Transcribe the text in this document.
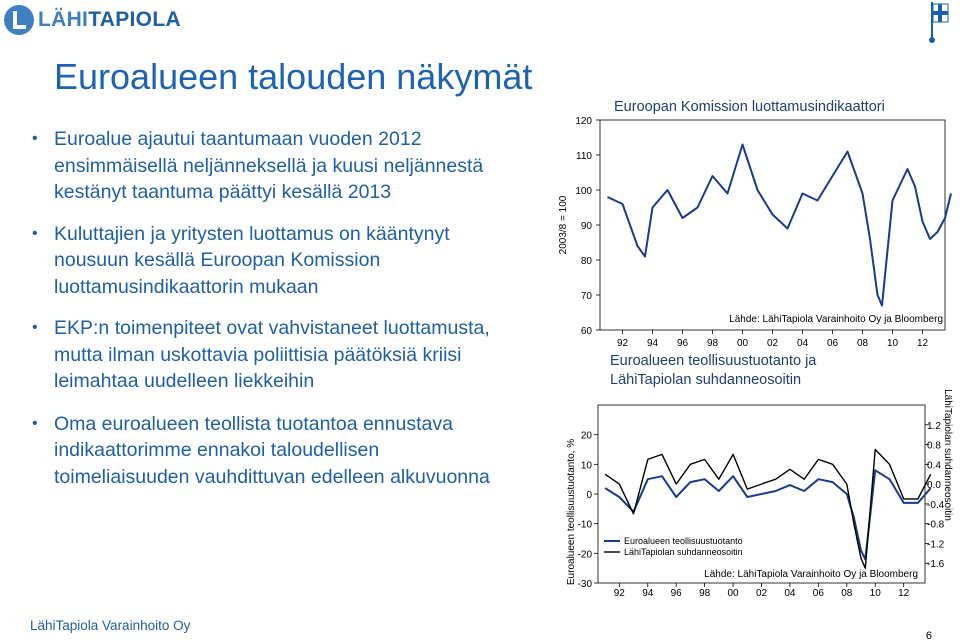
LÄHITAPIOLA
Euroalueen talouden näkymät
• Euroalue ajautui taantumaan vuoden 2012 ensimmäisellä neljänneksellä ja kuusi neljännestä kestänyt taantuma päättyi kesällä 2013
• Kuluttajien ja yritysten luottamus on kääntynyt nousuun kesällä Euroopan Komission luottamusindikaattorin mukaan
• EKP:n toimenpiteet ovat vahvistaneet luottamusta, mutta ilman uskottavia poliittisia päätöksiä kriisi leimahtaa uudelleen liekkeihin
• Oma euroalueen teollista tuotantoa ennustava indikaattorimme ennakoi taloudellisen toimeliaisuuden vauhdittuvan edelleen alkuvuonna
120
110
100
90
80
70
60
92 94 96 98 00 02 04 06 08 10 12
2003/8 = 100
Lähde: LähiTapiola Varainhoito Oy ja Bloomberg
20
10
0
-10
-20
-30
1.2
0.8
0.4
0.0
-0.4
-0.8
-1.2
-1.6
92 94 96 98 00 02 04 06 08 10 12
Euroalueen teollisuustuotanto, %	LähiTapiolan suhdanneosoitin
Lähde: LähiTapiola Varainhoito Oy ja Bloomberg
Euroalueen teollisuustuotanto
LähiTapiolan suhdanneosoitin
Euroopan Komission luottamusindikaattori
Euroalueen teollisuustuotanto ja LähiTapiolan suhdanneosoitin
LähiTapiola Varainhoito Oy
6
